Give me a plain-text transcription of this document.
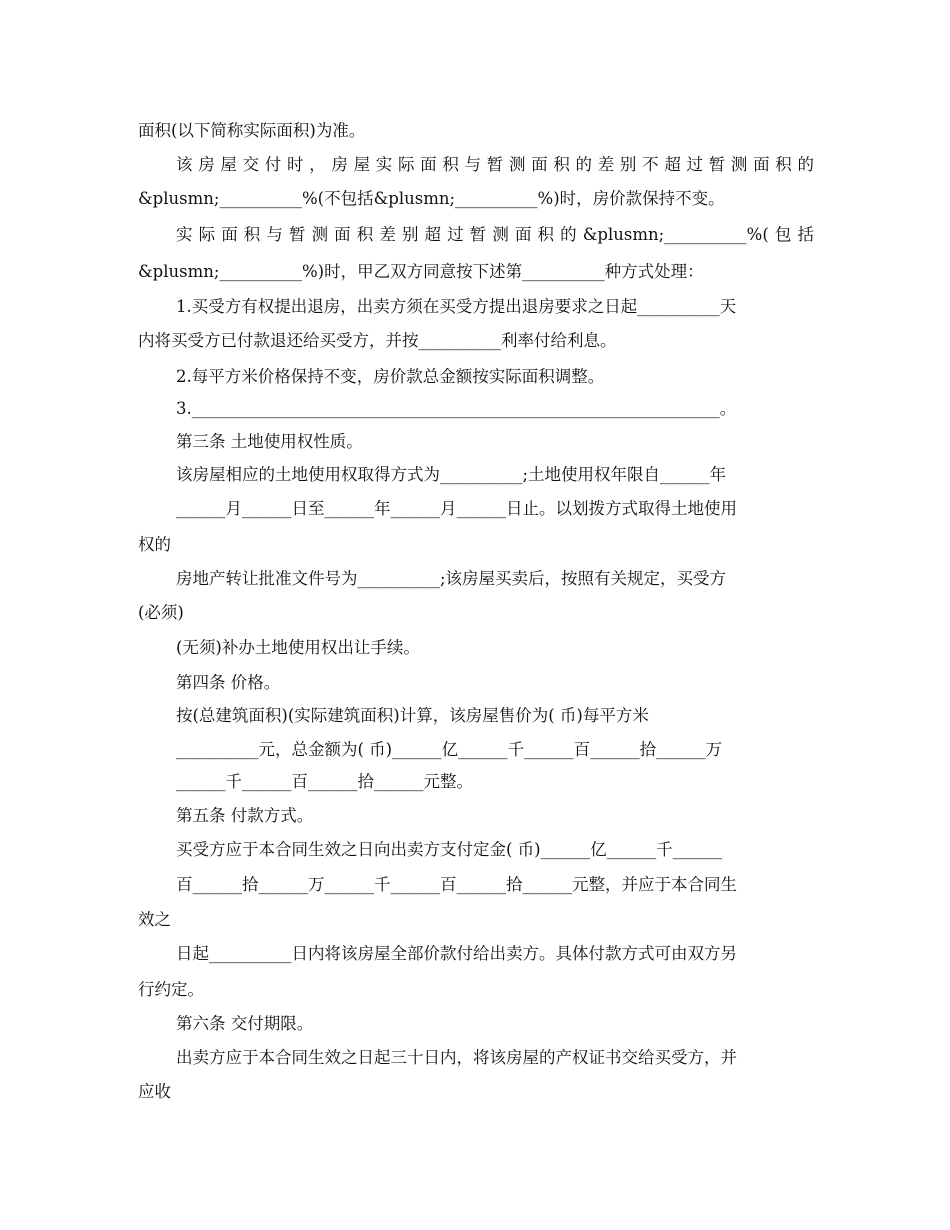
面积(以下简称实际面积)为准。
该房屋交付时，房屋实际面积与暂测面积的差别不超过暂测面积的
&plusmn;__________%(不包括&plusmn;__________%)时，房价款保持不变。
实际面积与暂测面积差别超过暂测面积的&plusmn;__________%(包括
&plusmn;__________%)时，甲乙双方同意按下述第__________种方式处理：
1.买受方有权提出退房，出卖方须在买受方提出退房要求之日起__________天
内将买受方已付款退还给买受方，并按__________利率付给利息。
2.每平方米价格保持不变，房价款总金额按实际面积调整。
3.________________________________________________________________。
第三条 土地使用权性质。
该房屋相应的土地使用权取得方式为__________;土地使用权年限自______年
______月______日至______年______月______日止。以划拨方式取得土地使用
权的
房地产转让批准文件号为__________;该房屋买卖后，按照有关规定，买受方
(必须)
(无须)补办土地使用权出让手续。
第四条 价格。
按(总建筑面积)(实际建筑面积)计算，该房屋售价为( 币)每平方米
__________元，总金额为( 币)______亿______千______百______拾______万
______千______百______拾______元整。
第五条 付款方式。
买受方应于本合同生效之日向出卖方支付定金( 币)______亿______千______
百______拾______万______千______百______拾______元整，并应于本合同生
效之
日起__________日内将该房屋全部价款付给出卖方。具体付款方式可由双方另
行约定。
第六条 交付期限。
出卖方应于本合同生效之日起三十日内，将该房屋的产权证书交给买受方，并
应收
